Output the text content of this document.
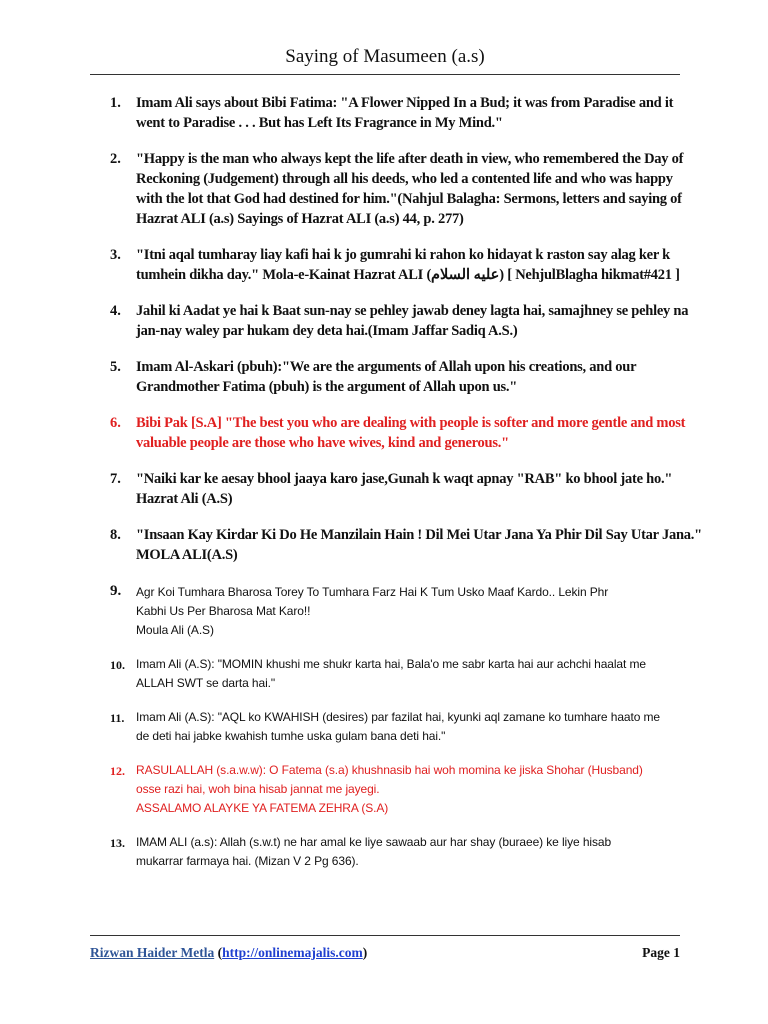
Saying of Masumeen (a.s)
1. Imam Ali says about Bibi Fatima: "A Flower Nipped In a Bud; it was from Paradise and it
went to Paradise . . . But has Left Its Fragrance in My Mind."
2. "Happy is the man who always kept the life after death in view, who remembered the Day of
Reckoning (Judgement) through all his deeds, who led a contented life and who was happy
with the lot that God had destined for him."(Nahjul Balagha: Sermons, letters and saying of
Hazrat ALI (a.s) Sayings of Hazrat ALI (a.s) 44, p. 277)
3. "Itni aqal tumharay liay kafi hai k jo gumrahi ki rahon ko hidayat k raston say alag ker k
tumhein dikha day." Mola-e-Kainat Hazrat ALI (عليه السلام) [ NehjulBlagha hikmat#421 ]
4. Jahil ki Aadat ye hai k Baat sun-nay se pehley jawab deney lagta hai, samajhney se pehley na
jan-nay waley par hukam dey deta hai.(Imam Jaffar Sadiq A.S.)
5. Imam Al-Askari (pbuh):"We are the arguments of Allah upon his creations, and our
Grandmother Fatima (pbuh) is the argument of Allah upon us."
6. Bibi Pak [S.A] "The best you who are dealing with people is softer and more gentle and most
valuable people are those who have wives, kind and generous."
7. "Naiki kar ke aesay bhool jaaya karo jase,Gunah k waqt apnay "RAB" ko bhool jate ho."
Hazrat Ali (A.S)
8. "Insaan Kay Kirdar Ki Do He Manzilain Hain ! Dil Mei Utar Jana Ya Phir Dil Say Utar Jana."
MOLA ALI(A.S)
9. Agr Koi Tumhara Bharosa Torey To Tumhara Farz Hai K Tum Usko Maaf Kardo.. Lekin Phr
Kabhi Us Per Bharosa Mat Karo!!
Moula Ali (A.S)
10. Imam Ali (A.S): "MOMIN khushi me shukr karta hai, Bala'o me sabr karta hai aur achchi haalat me
ALLAH SWT se darta hai."
11. Imam Ali (A.S): "AQL ko KWAHISH (desires) par fazilat hai, kyunki aql zamane ko tumhare haato me
de deti hai jabke kwahish tumhe uska gulam bana deti hai."
12. RASULALLAH (s.a.w.w): O Fatema (s.a) khushnasib hai woh momina ke jiska Shohar (Husband)
osse razi hai, woh bina hisab jannat me jayegi.
ASSALAMO ALAYKE YA FATEMA ZEHRA (S.A)
13. IMAM ALI (a.s): Allah (s.w.t) ne har amal ke liye sawaab aur har shay (buraee) ke liye hisab
mukarrar farmaya hai. (Mizan V 2 Pg 636).
Rizwan Haider Metla (http://onlinemajalis.com)	Page 1
